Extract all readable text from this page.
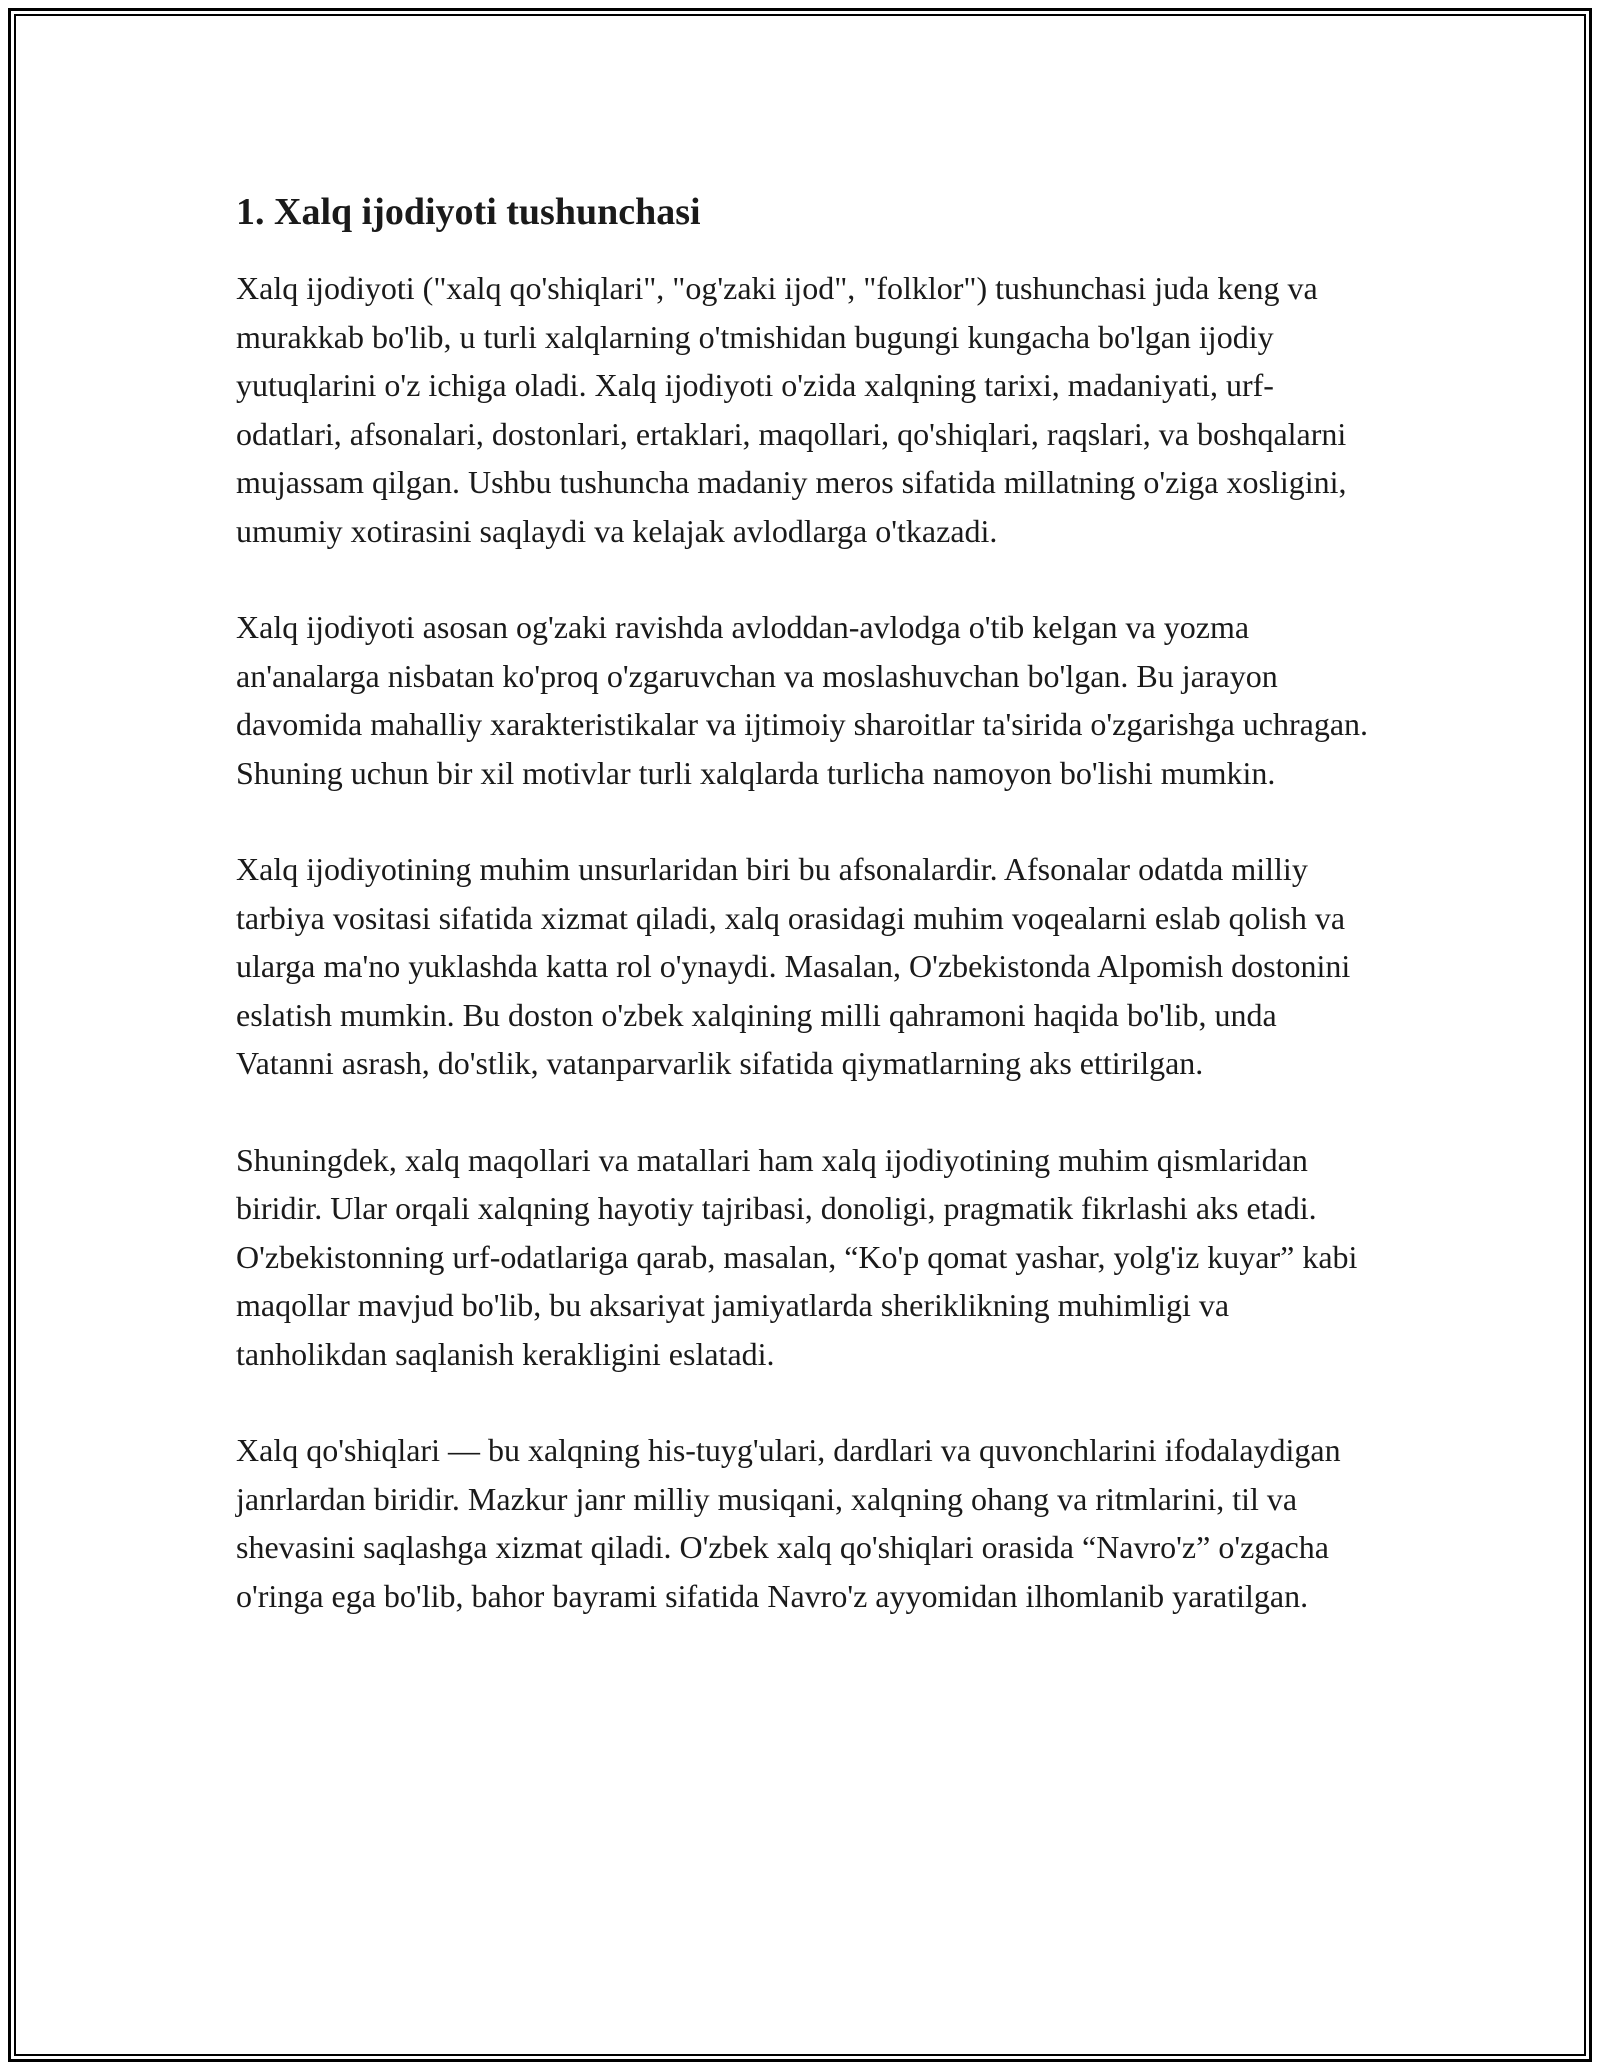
1. Xalq ijodiyoti tushunchasi

Xalq ijodiyoti ("xalq qo'shiqlari", "og'zaki ijod", "folklor") tushunchasi juda keng va murakkab bo'lib, u turli xalqlarning o'tmishidan bugungi kungacha bo'lgan ijodiy yutuqlarini o'z ichiga oladi. Xalq ijodiyoti o'zida xalqning tarixi, madaniyati, urf-odatlari, afsonalari, dostonlari, ertaklari, maqollari, qo'shiqlari, raqslari, va boshqalarni mujassam qilgan. Ushbu tushuncha madaniy meros sifatida millatning o'ziga xosligini, umumiy xotirasini saqlaydi va kelajak avlodlarga o'tkazadi.

Xalq ijodiyoti asosan og'zaki ravishda avloddan-avlodga o'tib kelgan va yozma an'analarga nisbatan ko'proq o'zgaruvchan va moslashuvchan bo'lgan. Bu jarayon davomida mahalliy xarakteristikalar va ijtimoiy sharoitlar ta'sirida o'zgarishga uchragan. Shuning uchun bir xil motivlar turli xalqlarda turlicha namoyon bo'lishi mumkin.

Xalq ijodiyotining muhim unsurlaridan biri bu afsonalardir. Afsonalar odatda milliy tarbiya vositasi sifatida xizmat qiladi, xalq orasidagi muhim voqealarni eslab qolish va ularga ma'no yuklashda katta rol o'ynaydi. Masalan, O'zbekistonda Alpomish dostonini eslatish mumkin. Bu doston o'zbek xalqining milli qahramoni haqida bo'lib, unda Vatanni asrash, do'stlik, vatanparvarlik sifatida qiymatlarning aks ettirilgan.

Shuningdek, xalq maqollari va matallari ham xalq ijodiyotining muhim qismlaridan biridir. Ular orqali xalqning hayotiy tajribasi, donoligi, pragmatik fikrlashi aks etadi. O'zbekistonning urf-odatlariga qarab, masalan, “Ko'p qomat yashar, yolg'iz kuyar” kabi maqollar mavjud bo'lib, bu aksariyat jamiyatlarda sheriklikning muhimligi va tanholikdan saqlanish kerakligini eslatadi.

Xalq qo'shiqlari — bu xalqning his-tuyg'ulari, dardlari va quvonchlarini ifodalaydigan janrlardan biridir. Mazkur janr milliy musiqani, xalqning ohang va ritmlarini, til va shevasini saqlashga xizmat qiladi. O'zbek xalq qo'shiqlari orasida “Navro'z” o'zgacha o'ringa ega bo'lib, bahor bayrami sifatida Navro'z ayyomidan ilhomlanib yaratilgan.
